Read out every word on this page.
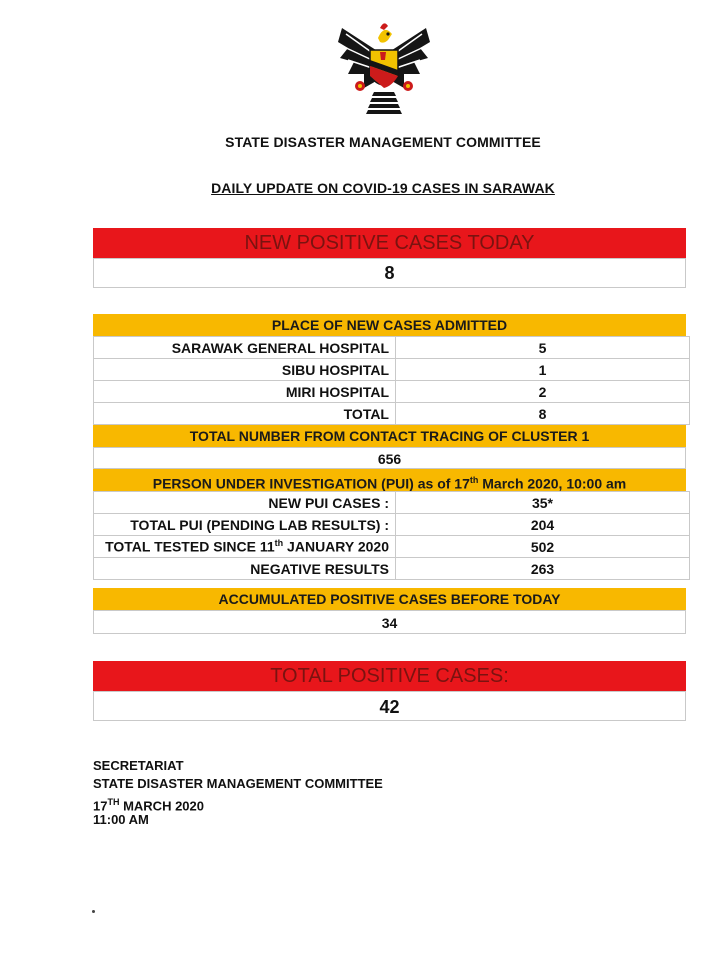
STATE DISASTER MANAGEMENT COMMITTEE
DAILY UPDATE ON COVID-19 CASES IN SARAWAK
NEW POSITIVE CASES TODAY
8
PLACE OF NEW CASES ADMITTED
SARAWAK GENERAL HOSPITAL	5
SIBU HOSPITAL	1
MIRI HOSPITAL	2
TOTAL	8
TOTAL NUMBER FROM CONTACT TRACING OF CLUSTER 1
656
PERSON UNDER INVESTIGATION (PUI) as of 17th March 2020, 10:00 am
NEW PUI CASES :	35*
TOTAL PUI (PENDING LAB RESULTS) :	204
TOTAL TESTED SINCE 11th JANUARY 2020	502
NEGATIVE RESULTS	263
ACCUMULATED POSITIVE CASES BEFORE TODAY
34
TOTAL POSITIVE CASES:
42
SECRETARIAT
STATE DISASTER MANAGEMENT COMMITTEE
17TH MARCH 2020
11:00 AM
